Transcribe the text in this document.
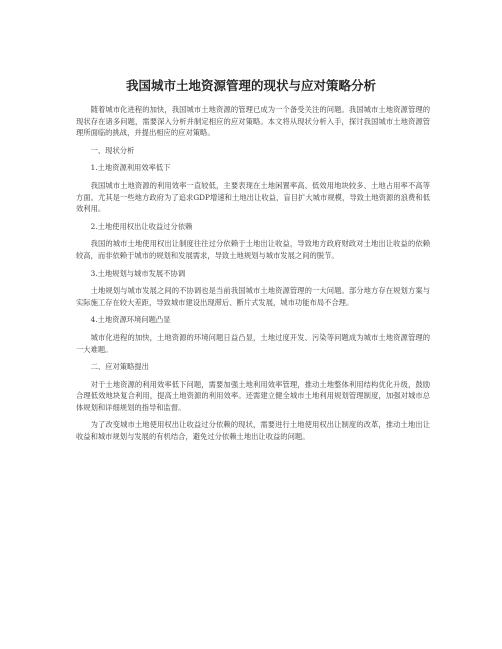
我国城市土地资源管理的现状与应对策略分析

随着城市化进程的加快，我国城市土地资源的管理已成为一个备受关注的问题。我国城市土地资源管理的现状存在诸多问题，需要深入分析并制定相应的应对策略。本文将从现状分析入手，探讨我国城市土地资源管理所面临的挑战，并提出相应的应对策略。

一、现状分析

1.土地资源利用效率低下

我国城市土地资源的利用效率一直较低，主要表现在土地闲置率高、低效用地块较多、土地占用率不高等方面。尤其是一些地方政府为了追求GDP增速和土地出让收益，盲目扩大城市规模，导致土地资源的浪费和低效利用。

2.土地使用权出让收益过分依赖

我国的城市土地使用权出让制度往往过分依赖于土地出让收益，导致地方政府财政对土地出让收益的依赖较高，而非依赖于城市的规划和发展需求，导致土地规划与城市发展之间的脱节。

3.土地规划与城市发展不协调

土地规划与城市发展之间的不协调也是当前我国城市土地资源管理的一大问题。部分地方存在规划方案与实际施工存在较大差距，导致城市建设出现滞后、断片式发展，城市功能布局不合理。

4.土地资源环境问题凸显

城市化进程的加快，土地资源的环境问题日益凸显，土地过度开发、污染等问题成为城市土地资源管理的一大难题。

二、应对策略提出

对于土地资源的利用效率低下问题，需要加强土地利用效率管理，推动土地整体利用结构优化升级，鼓励合理低效地块复合利用，提高土地资源的利用效率。还需建立健全城市土地利用规划管理制度，加强对城市总体规划和详细规划的指导和监督。

为了改变城市土地使用权出让收益过分依赖的现状，需要进行土地使用权出让制度的改革，推动土地出让收益和城市规划与发展的有机结合，避免过分依赖土地出让收益的问题。
